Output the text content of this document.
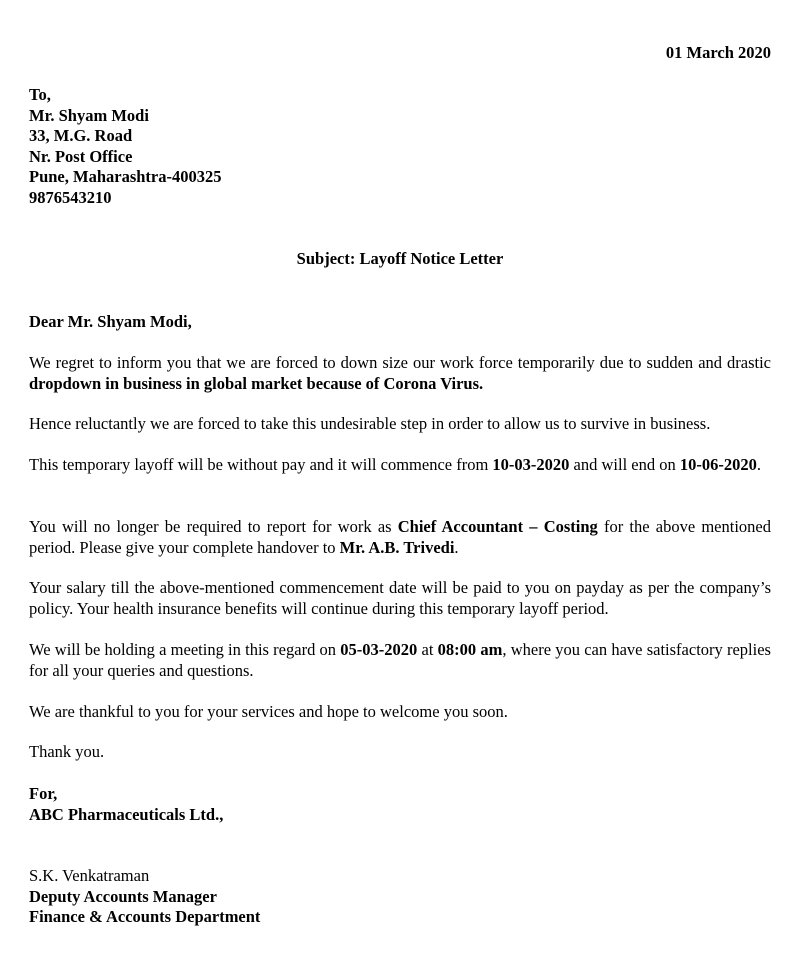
01 March 2020
To,
Mr. Shyam Modi
33, M.G. Road
Nr. Post Office
Pune, Maharashtra-400325
9876543210
Subject: Layoff Notice Letter
Dear Mr. Shyam Modi,
We regret to inform you that we are forced to down size our work force temporarily due to sudden and drastic dropdown in business in global market because of Corona Virus.
Hence reluctantly we are forced to take this undesirable step in order to allow us to survive in business.
This temporary layoff will be without pay and it will commence from 10-03-2020 and will end on 10-06-2020.
You will no longer be required to report for work as Chief Accountant – Costing for the above mentioned period. Please give your complete handover to Mr. A.B. Trivedi.
Your salary till the above-mentioned commencement date will be paid to you on payday as per the company’s policy. Your health insurance benefits will continue during this temporary layoff period.
We will be holding a meeting in this regard on 05-03-2020 at 08:00 am, where you can have satisfactory replies for all your queries and questions.
We are thankful to you for your services and hope to welcome you soon.
Thank you.
For,
ABC Pharmaceuticals Ltd.,
S.K. Venkatraman
Deputy Accounts Manager
Finance & Accounts Department
